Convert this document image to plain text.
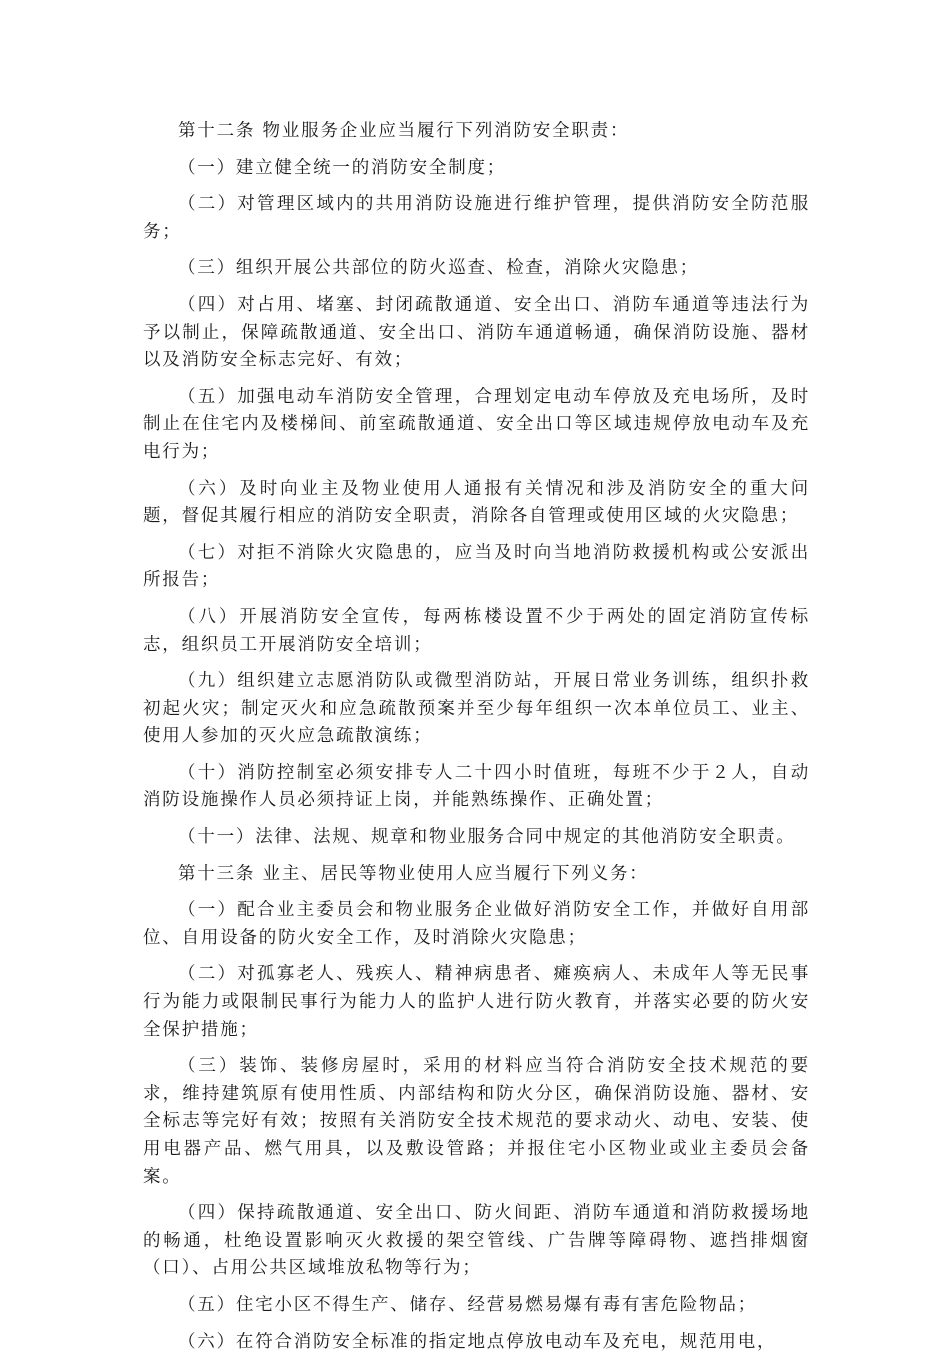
第十二条 物业服务企业应当履行下列消防安全职责：

（一）建立健全统一的消防安全制度；

（二）对管理区域内的共用消防设施进行维护管理，提供消防安全防范服务；

（三）组织开展公共部位的防火巡查、检查，消除火灾隐患；

（四）对占用、堵塞、封闭疏散通道、安全出口、消防车通道等违法行为予以制止，保障疏散通道、安全出口、消防车通道畅通，确保消防设施、器材以及消防安全标志完好、有效；

（五）加强电动车消防安全管理，合理划定电动车停放及充电场所，及时制止在住宅内及楼梯间、前室疏散通道、安全出口等区域违规停放电动车及充电行为；

（六）及时向业主及物业使用人通报有关情况和涉及消防安全的重大问题，督促其履行相应的消防安全职责，消除各自管理或使用区域的火灾隐患；

（七）对拒不消除火灾隐患的，应当及时向当地消防救援机构或公安派出所报告；

（八）开展消防安全宣传，每两栋楼设置不少于两处的固定消防宣传标志，组织员工开展消防安全培训；

（九）组织建立志愿消防队或微型消防站，开展日常业务训练，组织扑救初起火灾；制定灭火和应急疏散预案并至少每年组织一次本单位员工、业主、使用人参加的灭火应急疏散演练；

（十）消防控制室必须安排专人二十四小时值班，每班不少于２人，自动消防设施操作人员必须持证上岗，并能熟练操作、正确处置；

（十一）法律、法规、规章和物业服务合同中规定的其他消防安全职责。

第十三条 业主、居民等物业使用人应当履行下列义务：

（一）配合业主委员会和物业服务企业做好消防安全工作，并做好自用部位、自用设备的防火安全工作，及时消除火灾隐患；

（二）对孤寡老人、残疾人、精神病患者、瘫痪病人、未成年人等无民事行为能力或限制民事行为能力人的监护人进行防火教育，并落实必要的防火安全保护措施；

（三）装饰、装修房屋时，采用的材料应当符合消防安全技术规范的要求，维持建筑原有使用性质、内部结构和防火分区，确保消防设施、器材、安全标志等完好有效；按照有关消防安全技术规范的要求动火、动电、安装、使用电器产品、燃气用具，以及敷设管路；并报住宅小区物业或业主委员会备案。

（四）保持疏散通道、安全出口、防火间距、消防车通道和消防救援场地的畅通，杜绝设置影响灭火救援的架空管线、广告牌等障碍物、遮挡排烟窗（口）、占用公共区域堆放私物等行为；

（五）住宅小区不得生产、储存、经营易燃易爆有毒有害危险物品；

（六）在符合消防安全标准的指定地点停放电动车及充电，规范用电，
